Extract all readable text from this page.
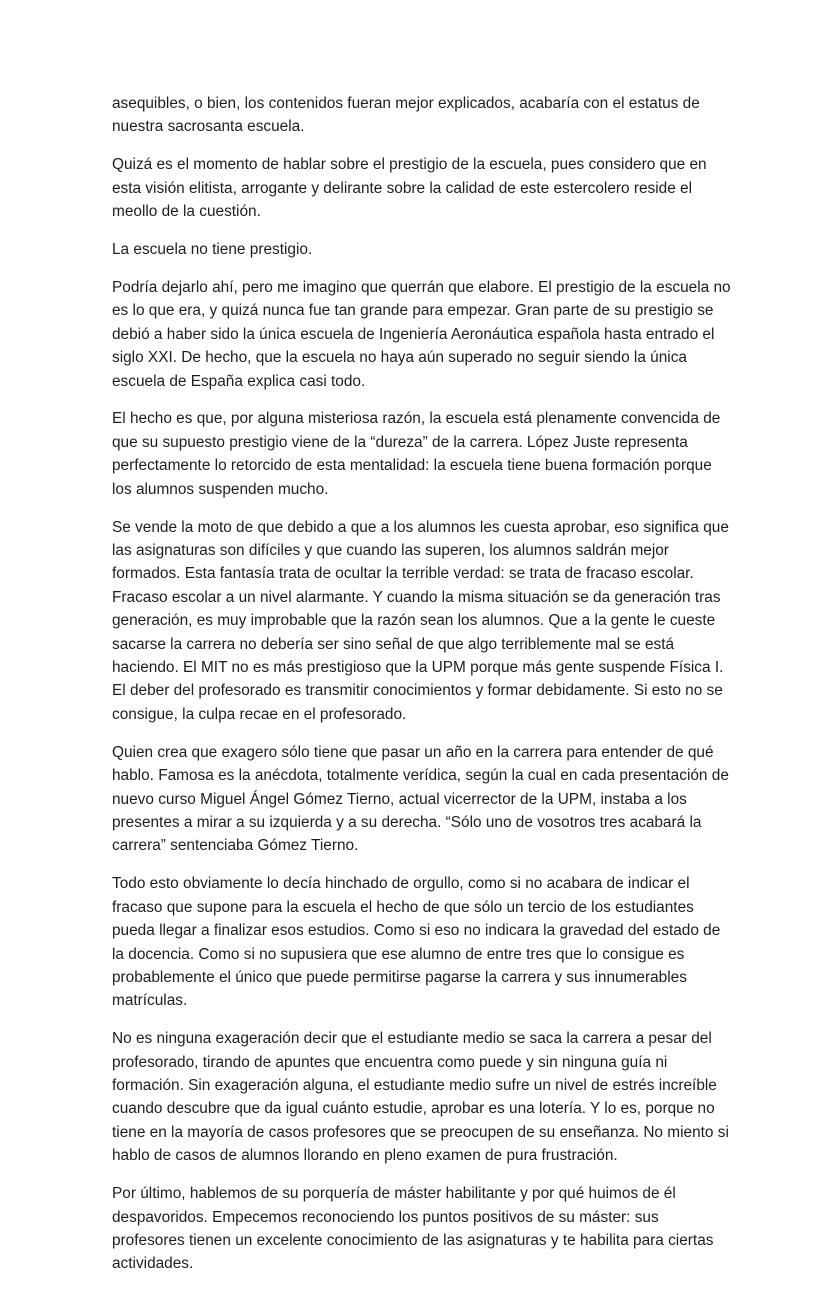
asequibles, o bien, los contenidos fueran mejor explicados, acabaría con el estatus de nuestra sacrosanta escuela.

Quizá es el momento de hablar sobre el prestigio de la escuela, pues considero que en esta visión elitista, arrogante y delirante sobre la calidad de este estercolero reside el meollo de la cuestión.

La escuela no tiene prestigio.

Podría dejarlo ahí, pero me imagino que querrán que elabore. El prestigio de la escuela no es lo que era, y quizá nunca fue tan grande para empezar. Gran parte de su prestigio se debió a haber sido la única escuela de Ingeniería Aeronáutica española hasta entrado el siglo XXI. De hecho, que la escuela no haya aún superado no seguir siendo la única escuela de España explica casi todo.

El hecho es que, por alguna misteriosa razón, la escuela está plenamente convencida de que su supuesto prestigio viene de la “dureza” de la carrera. López Juste representa perfectamente lo retorcido de esta mentalidad: la escuela tiene buena formación porque los alumnos suspenden mucho.

Se vende la moto de que debido a que a los alumnos les cuesta aprobar, eso significa que las asignaturas son difíciles y que cuando las superen, los alumnos saldrán mejor formados. Esta fantasía trata de ocultar la terrible verdad: se trata de fracaso escolar. Fracaso escolar a un nivel alarmante. Y cuando la misma situación se da generación tras generación, es muy improbable que la razón sean los alumnos. Que a la gente le cueste sacarse la carrera no debería ser sino señal de que algo terriblemente mal se está haciendo. El MIT no es más prestigioso que la UPM porque más gente suspende Física I. El deber del profesorado es transmitir conocimientos y formar debidamente. Si esto no se consigue, la culpa recae en el profesorado.

Quien crea que exagero sólo tiene que pasar un año en la carrera para entender de qué hablo. Famosa es la anécdota, totalmente verídica, según la cual en cada presentación de nuevo curso Miguel Ángel Gómez Tierno, actual vicerrector de la UPM, instaba a los presentes a mirar a su izquierda y a su derecha. “Sólo uno de vosotros tres acabará la carrera” sentenciaba Gómez Tierno.

Todo esto obviamente lo decía hinchado de orgullo, como si no acabara de indicar el fracaso que supone para la escuela el hecho de que sólo un tercio de los estudiantes pueda llegar a finalizar esos estudios. Como si eso no indicara la gravedad del estado de la docencia. Como si no supusiera que ese alumno de entre tres que lo consigue es probablemente el único que puede permitirse pagarse la carrera y sus innumerables matrículas.

No es ninguna exageración decir que el estudiante medio se saca la carrera a pesar del profesorado, tirando de apuntes que encuentra como puede y sin ninguna guía ni formación. Sin exageración alguna, el estudiante medio sufre un nivel de estrés increíble cuando descubre que da igual cuánto estudie, aprobar es una lotería. Y lo es, porque no tiene en la mayoría de casos profesores que se preocupen de su enseñanza. No miento si hablo de casos de alumnos llorando en pleno examen de pura frustración.

Por último, hablemos de su porquería de máster habilitante y por qué huimos de él despavoridos. Empecemos reconociendo los puntos positivos de su máster: sus profesores tienen un excelente conocimiento de las asignaturas y te habilita para ciertas actividades.
